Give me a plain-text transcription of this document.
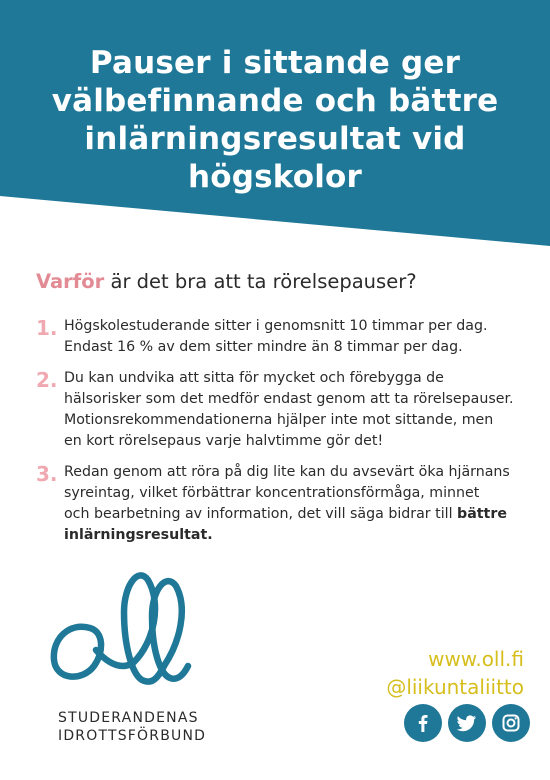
Pauser i sittande ger välbefinnande och bättre inlärningsresultat vid högskolor
Varför är det bra att ta rörelsepauser?
1. Högskolestuderande sitter i genomsnitt 10 timmar per dag.
Endast 16 % av dem sitter mindre än 8 timmar per dag.
2. Du kan undvika att sitta för mycket och förebygga de
hälsorisker som det medför endast genom att ta rörelsepauser.
Motionsrekommendationerna hjälper inte mot sittande, men
en kort rörelsepaus varje halvtimme gör det!
3. Redan genom att röra på dig lite kan du avsevärt öka hjärnans
syreintag, vilket förbättrar koncentrationsförmåga, minnet
och bearbetning av information, det vill säga bidrar till bättre
inlärningsresultat.
STUDERANDENAS
IDROTTSFÖRBUND
www.oll.fi
@liikuntaliitto
